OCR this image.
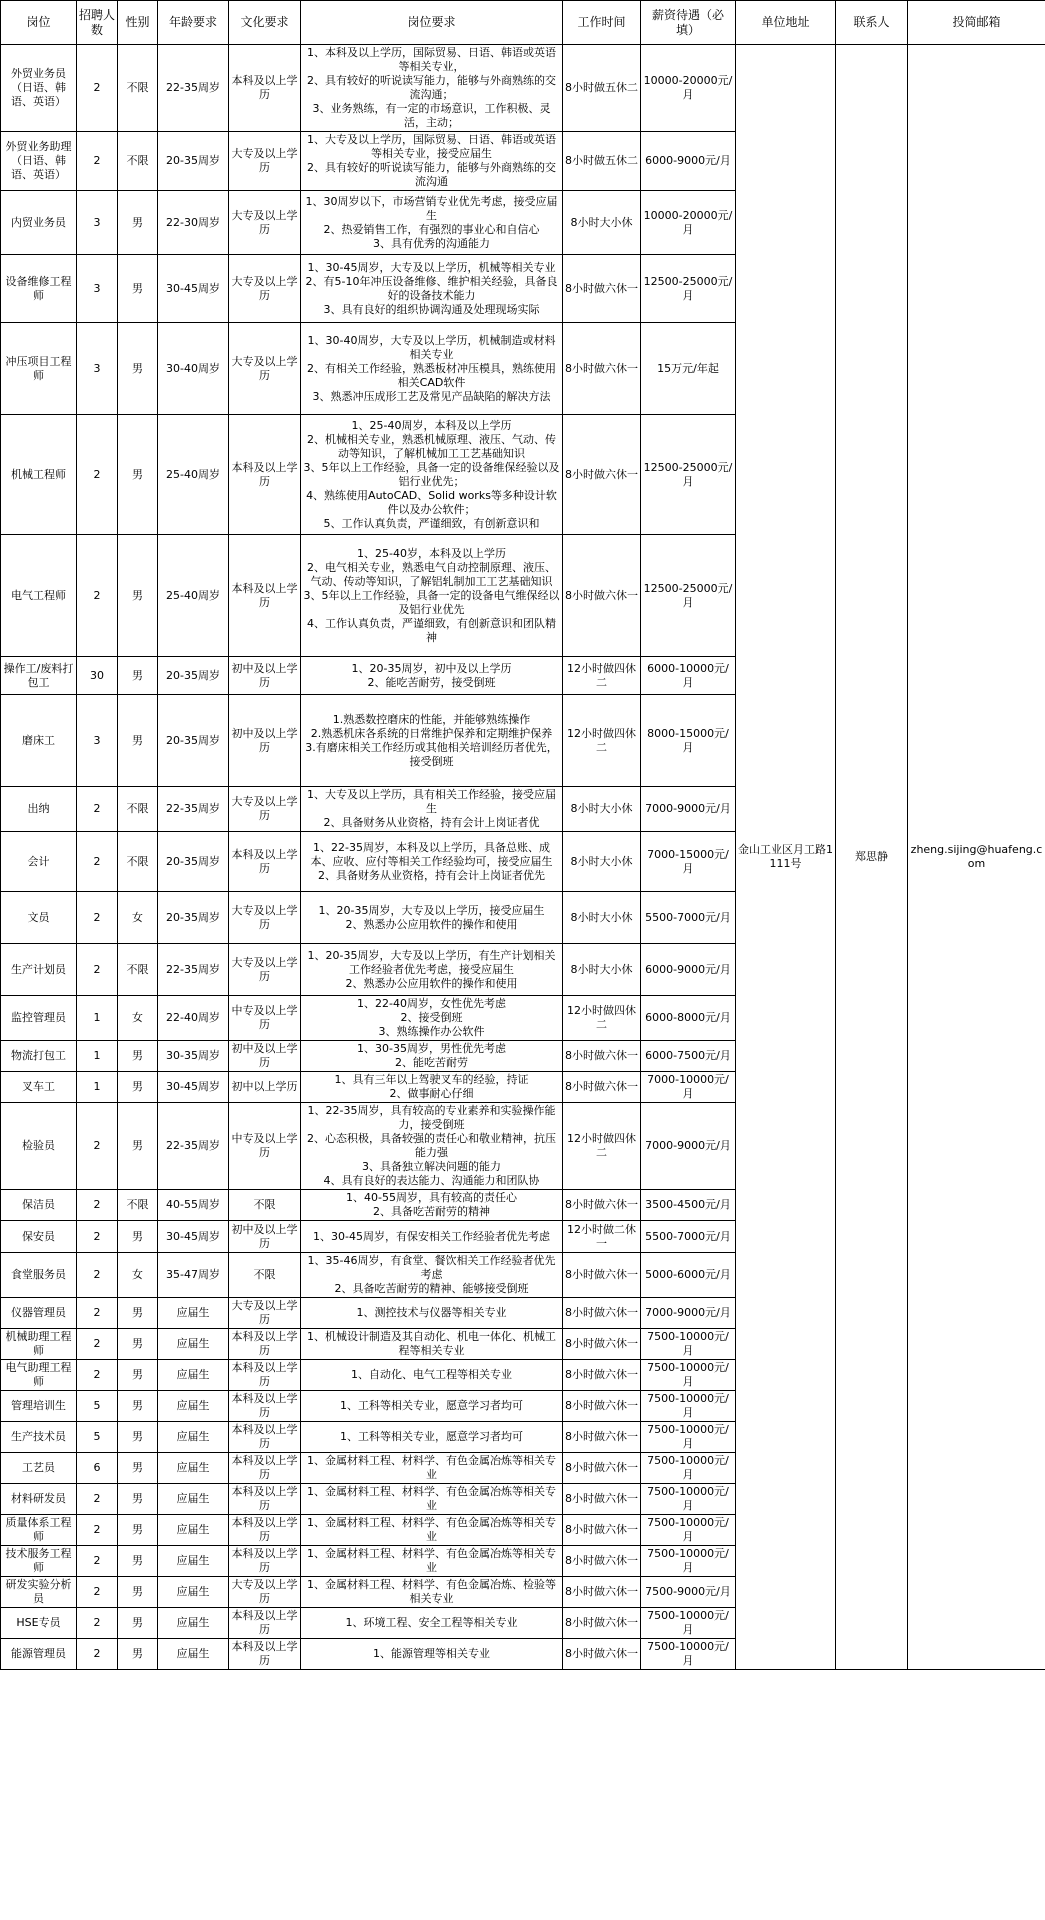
岗位	招聘人数	性别	年龄要求	文化要求	岗位要求	工作时间	薪资待遇（必填）	单位地址	联系人	投简邮箱
外贸业务员（日语、韩语、英语）	2	不限	22-35周岁	本科及以上学历	1、本科及以上学历，国际贸易、日语、韩语或英语等相关专业，
2、具有较好的听说读写能力，能够与外商熟练的交流沟通；
3、业务熟练，有一定的市场意识，工作积极、灵活，主动；	8小时做五休二	10000-20000元/月	金山工业区月工路1111号	郑思静	zheng.sijing@huafeng.com
外贸业务助理（日语、韩语、英语）	2	不限	20-35周岁	大专及以上学历	1、大专及以上学历，国际贸易、日语、韩语或英语等相关专业，接受应届生
2、具有较好的听说读写能力，能够与外商熟练的交流沟通	8小时做五休二	6000-9000元/月			
内贸业务员	3	男	22-30周岁	大专及以上学历	1、30周岁以下，市场营销专业优先考虑，接受应届生
2、热爱销售工作，有强烈的事业心和自信心
3、具有优秀的沟通能力	8小时大小休	10000-20000元/月			
设备维修工程师	3	男	30-45周岁	大专及以上学历	1、30-45周岁，大专及以上学历，机械等相关专业
2、有5-10年冲压设备维修、维护相关经验，具备良好的设备技术能力
3、具有良好的组织协调沟通及处理现场实际	8小时做六休一	12500-25000元/月			
冲压项目工程师	3	男	30-40周岁	大专及以上学历	1、30-40周岁，大专及以上学历，机械制造或材料相关专业
2、有相关工作经验，熟悉板材冲压模具，熟练使用相关CAD软件
3、熟悉冲压成形工艺及常见产品缺陷的解决方法	8小时做六休一	15万元/年起			
机械工程师	2	男	25-40周岁	本科及以上学历	1、25-40周岁，本科及以上学历
2、机械相关专业，熟悉机械原理、液压、气动、传动等知识，了解机械加工工艺基础知识
3、5年以上工作经验，具备一定的设备维保经验以及铝行业优先；
4、熟练使用AutoCAD、Solid works等多种设计软件以及办公软件；
5、工作认真负责，严谨细致，有创新意识和	8小时做六休一	12500-25000元/月			
电气工程师	2	男	25-40周岁	本科及以上学历	1、25-40岁，本科及以上学历
2、电气相关专业，熟悉电气自动控制原理、液压、气动、传动等知识，了解铝轧制加工工艺基础知识
3、5年以上工作经验，具备一定的设备电气维保经以及铝行业优先
4、工作认真负责，严谨细致，有创新意识和团队精神	8小时做六休一	12500-25000元/月			
操作工/废料打包工	30	男	20-35周岁	初中及以上学历	1、20-35周岁，初中及以上学历
2、能吃苦耐劳，接受倒班	12小时做四休二	6000-10000元/月			
磨床工	3	男	20-35周岁	初中及以上学历	1.熟悉数控磨床的性能，并能够熟练操作
2.熟悉机床各系统的日常维护保养和定期维护保养
3.有磨床相关工作经历或其他相关培训经历者优先，接受倒班	12小时做四休二	8000-15000元/月			
出纳	2	不限	22-35周岁	大专及以上学历	1、大专及以上学历，具有相关工作经验，接受应届生
2、具备财务从业资格，持有会计上岗证者优	8小时大小休	7000-9000元/月			
会计	2	不限	20-35周岁	本科及以上学历	1、22-35周岁，本科及以上学历，具备总账、成本、应收、应付等相关工作经验均可，接受应届生
2、具备财务从业资格，持有会计上岗证者优先	8小时大小休	7000-15000元/月			
文员	2	女	20-35周岁	大专及以上学历	1、20-35周岁，大专及以上学历，接受应届生
2、熟悉办公应用软件的操作和使用	8小时大小休	5500-7000元/月			
生产计划员	2	不限	22-35周岁	大专及以上学历	1、20-35周岁，大专及以上学历，有生产计划相关工作经验者优先考虑，接受应届生
2、熟悉办公应用软件的操作和使用	8小时大小休	6000-9000元/月			
监控管理员	1	女	22-40周岁	中专及以上学历	1、22-40周岁，女性优先考虑
2、接受倒班
3、熟练操作办公软件	12小时做四休二	6000-8000元/月			
物流打包工	1	男	30-35周岁	初中及以上学历	1、30-35周岁，男性优先考虑
2、能吃苦耐劳	8小时做六休一	6000-7500元/月			
叉车工	1	男	30-45周岁	初中以上学历	1、具有三年以上驾驶叉车的经验，持证
2、做事耐心仔细	8小时做六休一	7000-10000元/月			
检验员	2	男	22-35周岁	中专及以上学历	1、22-35周岁，具有较高的专业素养和实验操作能力，接受倒班
2、心态积极，具备较强的责任心和敬业精神，抗压能力强
3、具备独立解决问题的能力
4、具有良好的表达能力、沟通能力和团队协	12小时做四休二	7000-9000元/月			
保洁员	2	不限	40-55周岁	不限	1、40-55周岁，具有较高的责任心
2、具备吃苦耐劳的精神	8小时做六休一	3500-4500元/月			
保安员	2	男	30-45周岁	初中及以上学历	1、30-45周岁，有保安相关工作经验者优先考虑	12小时做二休一	5500-7000元/月			
食堂服务员	2	女	35-47周岁	不限	1、35-46周岁，有食堂、餐饮相关工作经验者优先考虑
2、具备吃苦耐劳的精神、能够接受倒班	8小时做六休一	5000-6000元/月			
仪器管理员	2	男	应届生	大专及以上学历	1、测控技术与仪器等相关专业	8小时做六休一	7000-9000元/月			
机械助理工程师	2	男	应届生	本科及以上学历	1、机械设计制造及其自动化、机电一体化、机械工程等相关专业	8小时做六休一	7500-10000元/月			
电气助理工程师	2	男	应届生	本科及以上学历	1、自动化、电气工程等相关专业	8小时做六休一	7500-10000元/月			
管理培训生	5	男	应届生	本科及以上学历	1、工科等相关专业，愿意学习者均可	8小时做六休一	7500-10000元/月			
生产技术员	5	男	应届生	本科及以上学历	1、工科等相关专业，愿意学习者均可	8小时做六休一	7500-10000元/月			
工艺员	6	男	应届生	本科及以上学历	1、金属材料工程、材料学、有色金属冶炼等相关专业	8小时做六休一	7500-10000元/月			
材料研发员	2	男	应届生	本科及以上学历	1、金属材料工程、材料学、有色金属冶炼等相关专业	8小时做六休一	7500-10000元/月			
质量体系工程师	2	男	应届生	本科及以上学历	1、金属材料工程、材料学、有色金属冶炼等相关专业	8小时做六休一	7500-10000元/月			
技术服务工程师	2	男	应届生	本科及以上学历	1、金属材料工程、材料学、有色金属冶炼等相关专业	8小时做六休一	7500-10000元/月			
研发实验分析员	2	男	应届生	大专及以上学历	1、金属材料工程、材料学、有色金属冶炼、检验等相关专业	8小时做六休一	7500-9000元/月			
HSE专员	2	男	应届生	本科及以上学历	1、环境工程、安全工程等相关专业	8小时做六休一	7500-10000元/月			
能源管理员	2	男	应届生	本科及以上学历	1、能源管理等相关专业	8小时做六休一	7500-10000元/月			
